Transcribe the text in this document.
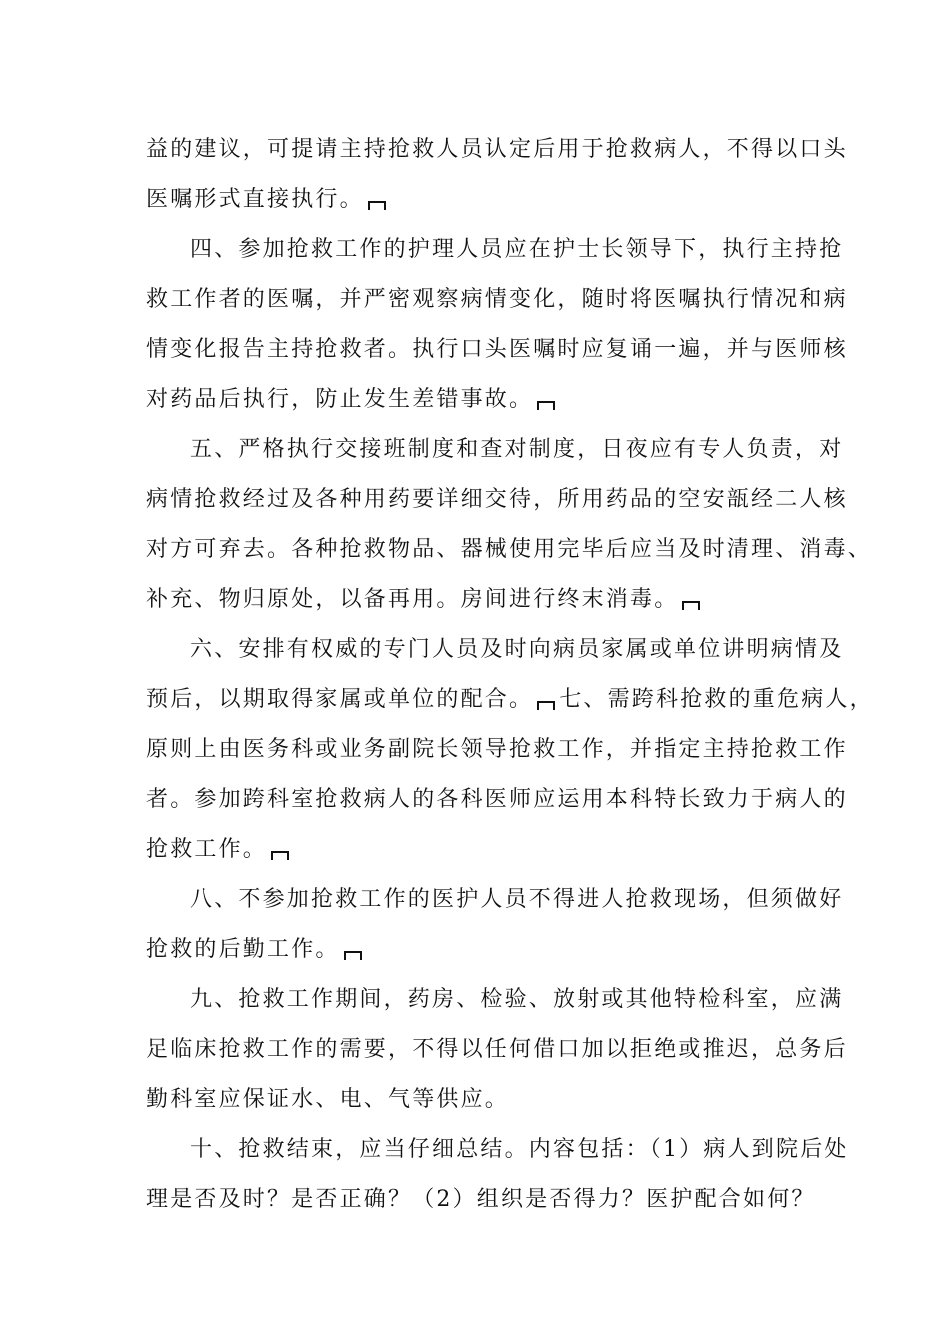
益的建议，可提请主持抢救人员认定后用于抢救病人，不得以口头
医嘱形式直接执行。
四、参加抢救工作的护理人员应在护士长领导下，执行主持抢
救工作者的医嘱，并严密观察病情变化，随时将医嘱执行情况和病
情变化报告主持抢救者。执行口头医嘱时应复诵一遍，并与医师核
对药品后执行，防止发生差错事故。
五、严格执行交接班制度和查对制度，日夜应有专人负责，对
病情抢救经过及各种用药要详细交待，所用药品的空安瓿经二人核
对方可弃去。各种抢救物品、器械使用完毕后应当及时清理、消毒、
补充、物归原处，以备再用。房间进行终末消毒。
六、安排有权威的专门人员及时向病员家属或单位讲明病情及
预后，以期取得家属或单位的配合。 七、需跨科抢救的重危病人，
原则上由医务科或业务副院长领导抢救工作，并指定主持抢救工作
者。参加跨科室抢救病人的各科医师应运用本科特长致力于病人的
抢救工作。
八、不参加抢救工作的医护人员不得进人抢救现场，但须做好
抢救的后勤工作。
九、抢救工作期间，药房、检验、放射或其他特检科室，应满
足临床抢救工作的需要，不得以任何借口加以拒绝或推迟，总务后
勤科室应保证水、电、气等供应。
十、抢救结束，应当仔细总结。内容包括：（1）病人到院后处
理是否及时？是否正确？（2）组织是否得力？医护配合如何？
